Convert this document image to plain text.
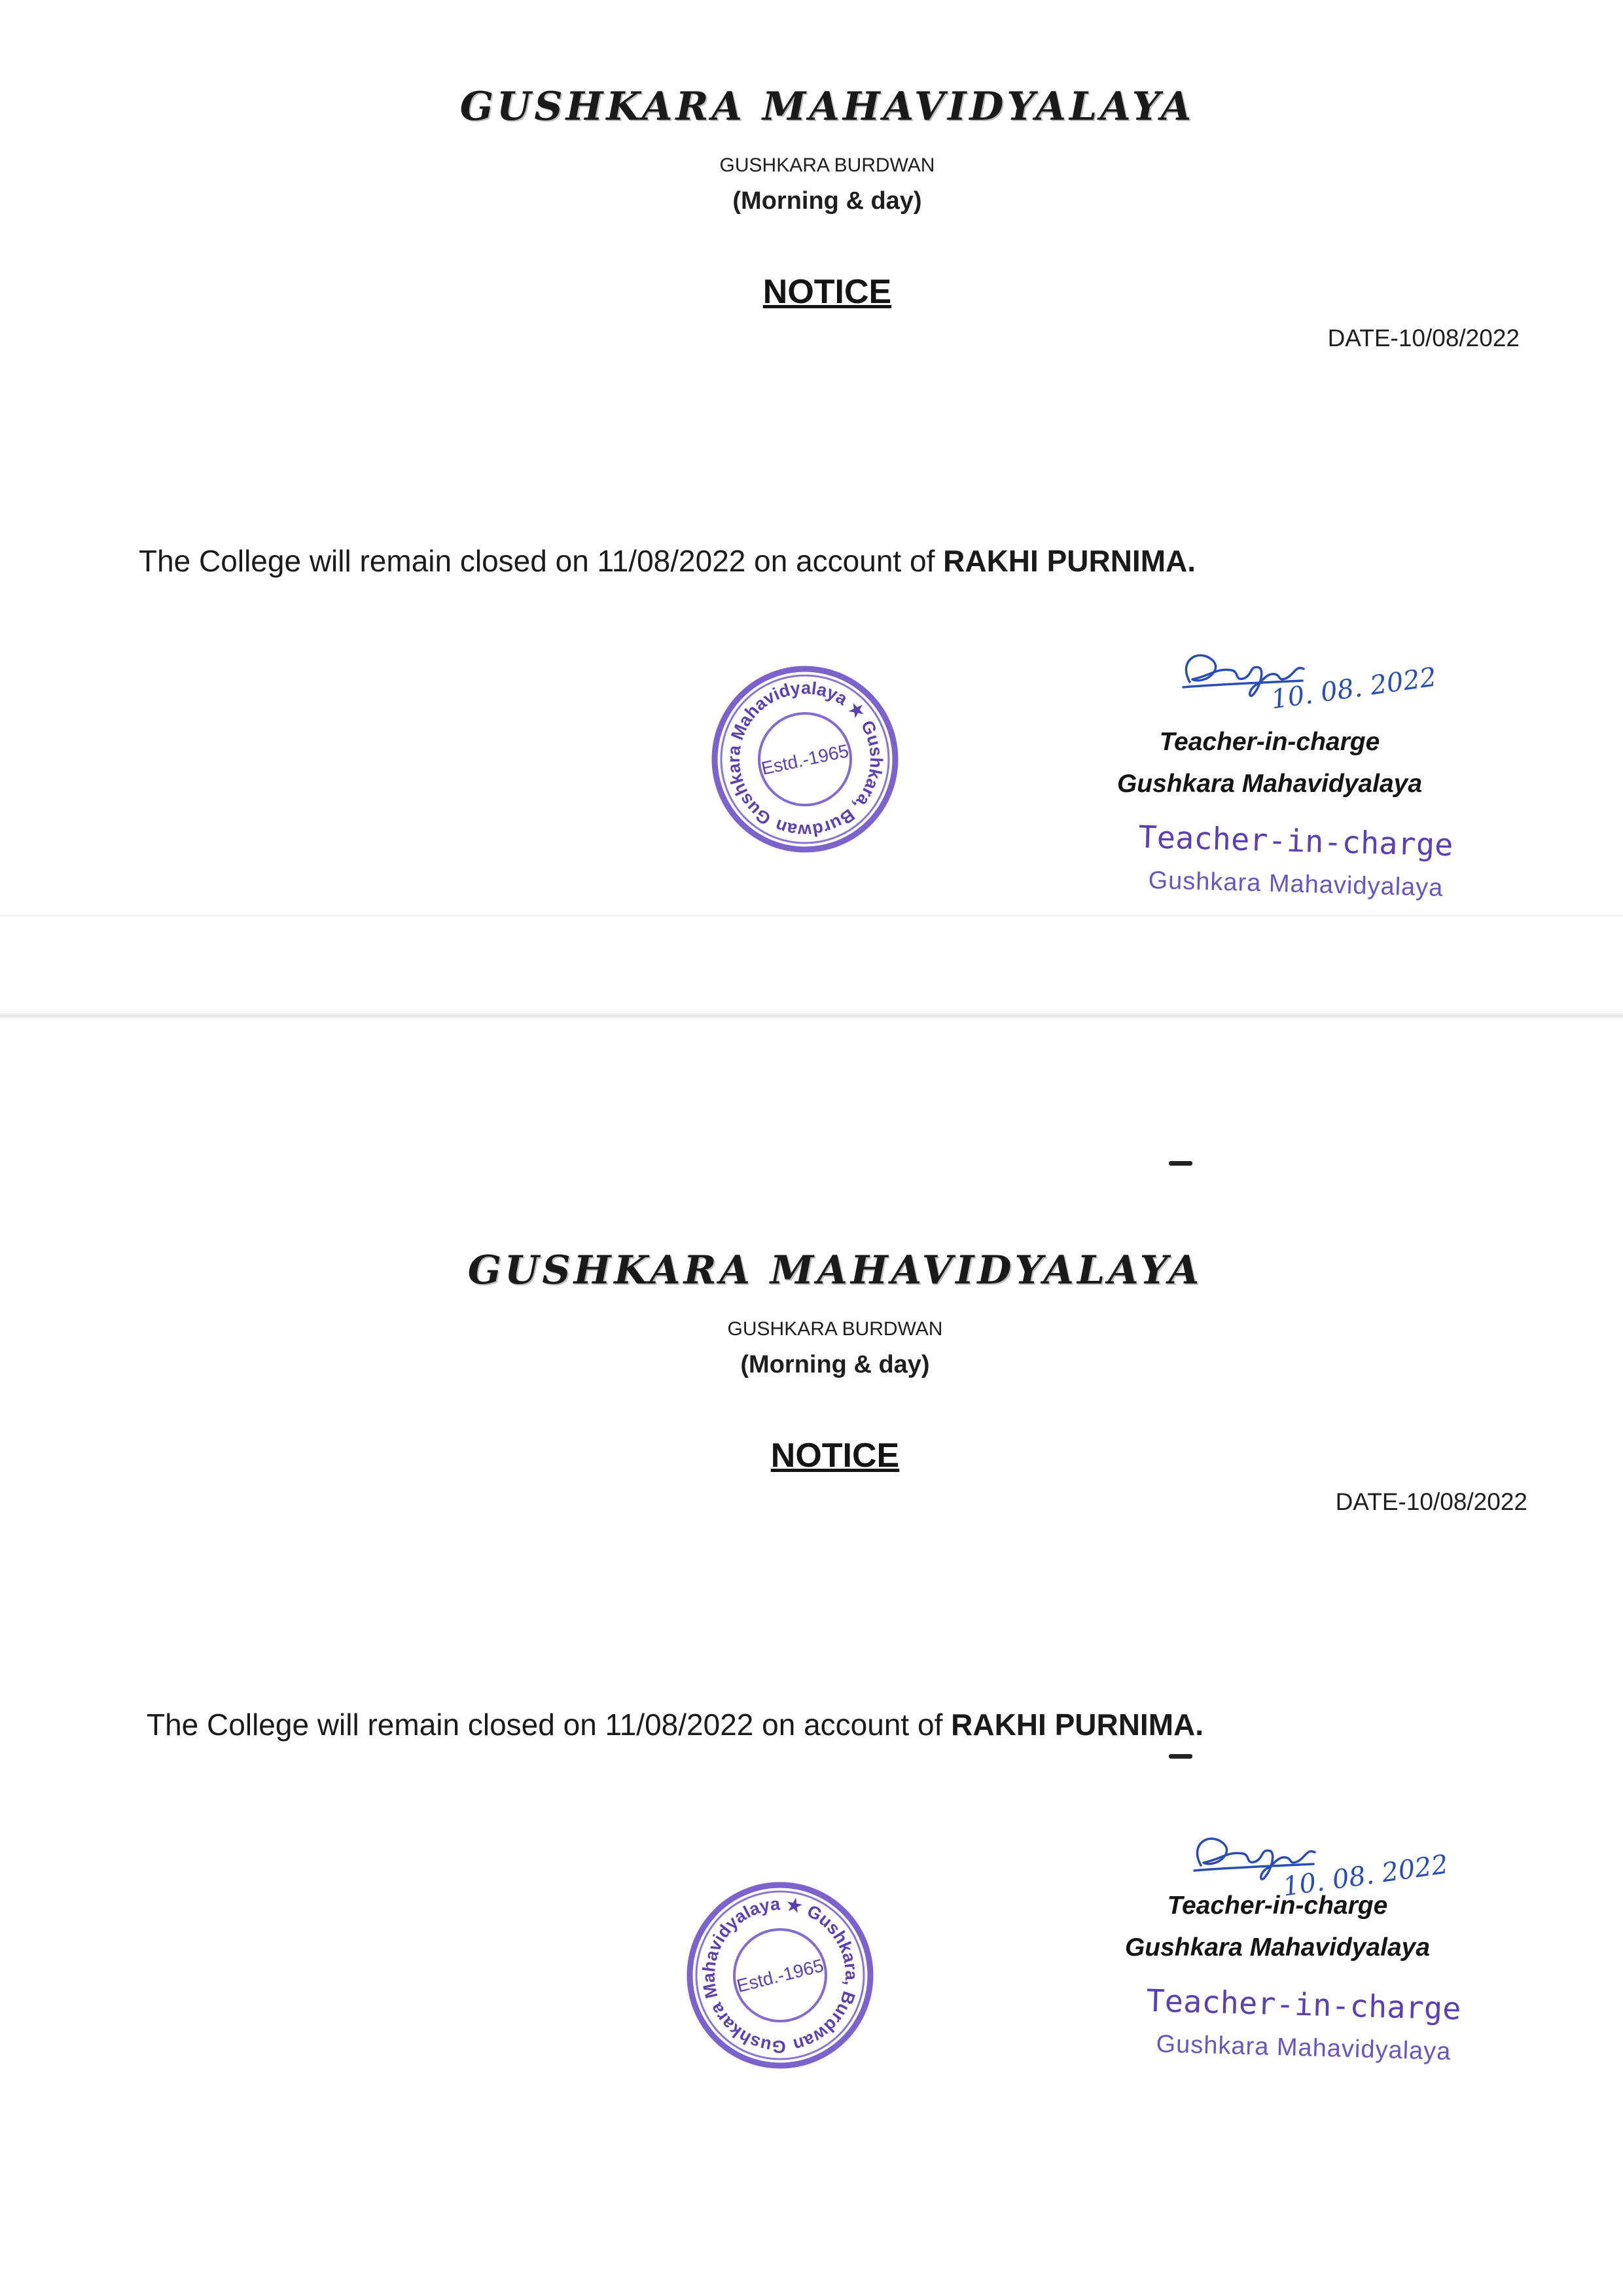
GUSHKARA MAHAVIDYALAYA
GUSHKARA BURDWAN
(Morning & day)
NOTICE
DATE-10/08/2022
The College will remain closed on 11/08/2022 on account of RAKHI PURNIMA.
Gushkara Mahavidyalaya ★ Gushkara, Burdwan
Estd.-1965
10. 08. 2022
Teacher-in-charge
Gushkara Mahavidyalaya
Teacher-in-charge
Gushkara Mahavidyalaya
GUSHKARA MAHAVIDYALAYA
GUSHKARA BURDWAN
(Morning & day)
NOTICE
DATE-10/08/2022
The College will remain closed on 11/08/2022 on account of RAKHI PURNIMA.
Gushkara Mahavidyalaya ★ Gushkara, Burdwan
Estd.-1965
10. 08. 2022
Teacher-in-charge
Gushkara Mahavidyalaya
Teacher-in-charge
Gushkara Mahavidyalaya
